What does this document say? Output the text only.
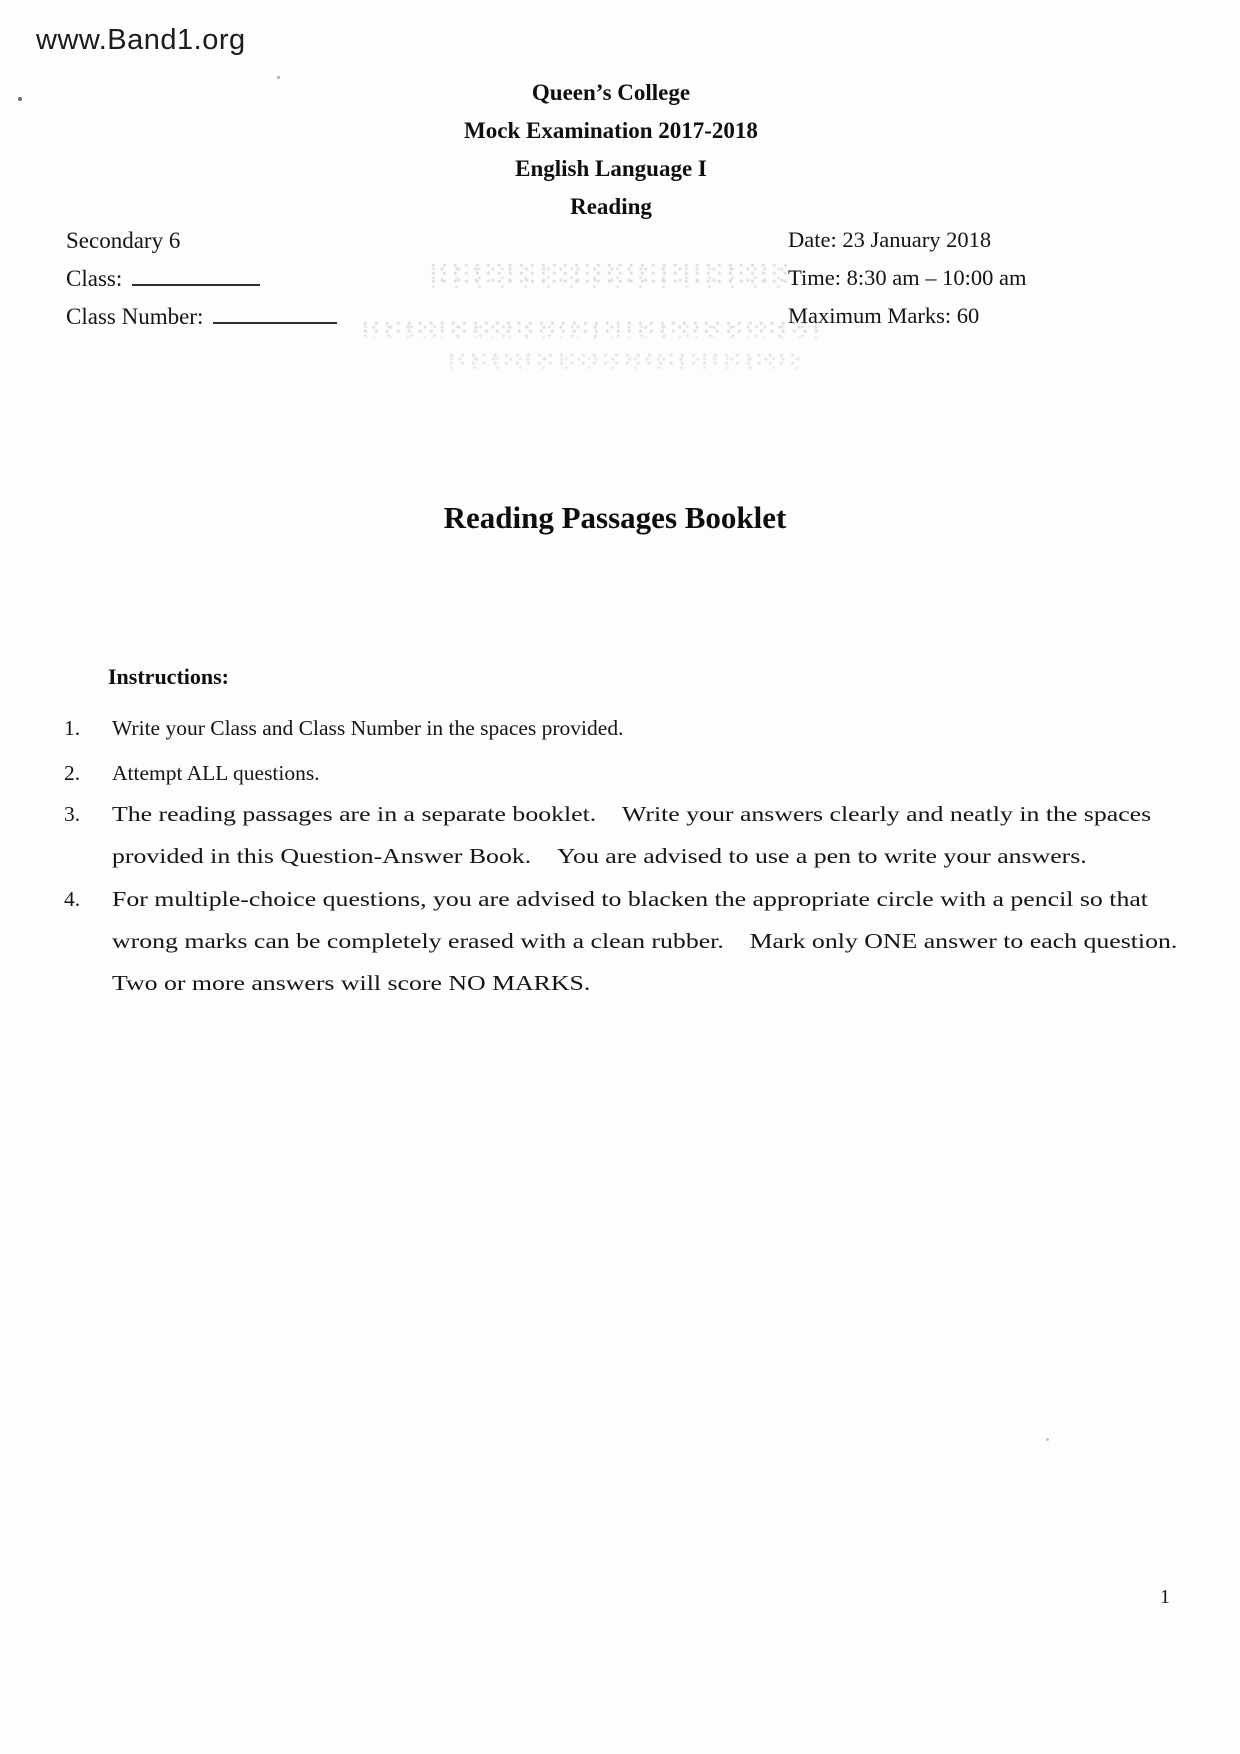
www.Band1.org
Queen’s College
Mock Examination 2017-2018
English Language I
Reading
Secondary 6
Class:
Class Number:
Date: 23 January 2018
Time: 8:30 am – 10:00 am
Maximum Marks: 60
Reading Passages Booklet
Instructions:
1.	Write your Class and Class Number in the spaces provided.
2.	Attempt ALL questions.
3.	The reading passages are in a separate booklet. Write your answers clearly and neatly in the spaces
provided in this Question-Answer Book. You are advised to use a pen to write your answers.
4.	For multiple-choice questions, you are advised to blacken the appropriate circle with a pencil so that
wrong marks can be completely erased with a clean rubber. Mark only ONE answer to each question.
Two or more answers will score NO MARKS.
1
